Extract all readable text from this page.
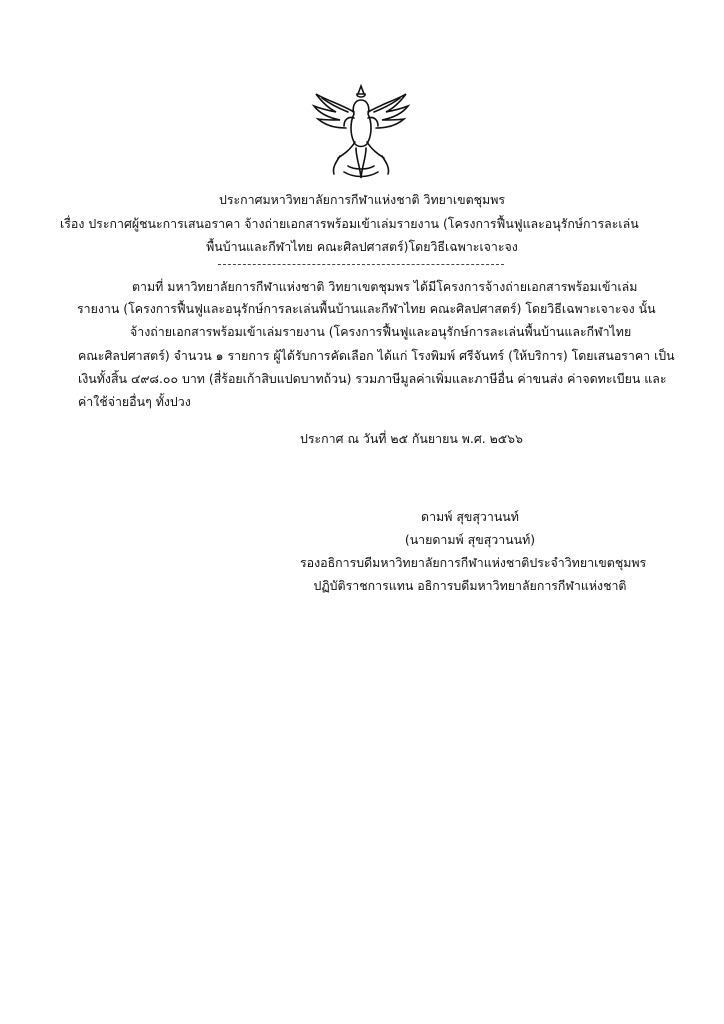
ประกาศมหาวิทยาลัยการกีฬาแห่งชาติ วิทยาเขตชุมพร
เรื่อง ประกาศผู้ชนะการเสนอราคา จ้างถ่ายเอกสารพร้อมเข้าเล่มรายงาน (โครงการฟื้นฟูและอนุรักษ์การละเล่น
พื้นบ้านและกีฬาไทย คณะศิลปศาสตร์)โดยวิธีเฉพาะเจาะจง
ตามที่ มหาวิทยาลัยการกีฬาแห่งชาติ วิทยาเขตชุมพร ได้มีโครงการจ้างถ่ายเอกสารพร้อมเข้าเล่ม
รายงาน (โครงการฟื้นฟูและอนุรักษ์การละเล่นพื้นบ้านและกีฬาไทย คณะศิลปศาสตร์) โดยวิธีเฉพาะเจาะจง นั้น
จ้างถ่ายเอกสารพร้อมเข้าเล่มรายงาน (โครงการฟื้นฟูและอนุรักษ์การละเล่นพื้นบ้านและกีฬาไทย
คณะศิลปศาสตร์) จำนวน ๑ รายการ ผู้ได้รับการคัดเลือก ได้แก่ โรงพิมพ์ ศรีจันทร์ (ให้บริการ) โดยเสนอราคา เป็น
เงินทั้งสิ้น ๔๙๘.๐๐ บาท (สี่ร้อยเก้าสิบแปดบาทถ้วน) รวมภาษีมูลค่าเพิ่มและภาษีอื่น ค่าขนส่ง ค่าจดทะเบียน และ
ค่าใช้จ่ายอื่นๆ ทั้งปวง
ประกาศ ณ วันที่ ๒๕ กันยายน พ.ศ. ๒๕๖๖
ดามพ์ สุขสุวานนท์
(นายดามพ์ สุขสุวานนท์)
รองอธิการบดีมหาวิทยาลัยการกีฬาแห่งชาติประจำวิทยาเขตชุมพร
ปฏิบัติราชการแทน อธิการบดีมหาวิทยาลัยการกีฬาแห่งชาติ
